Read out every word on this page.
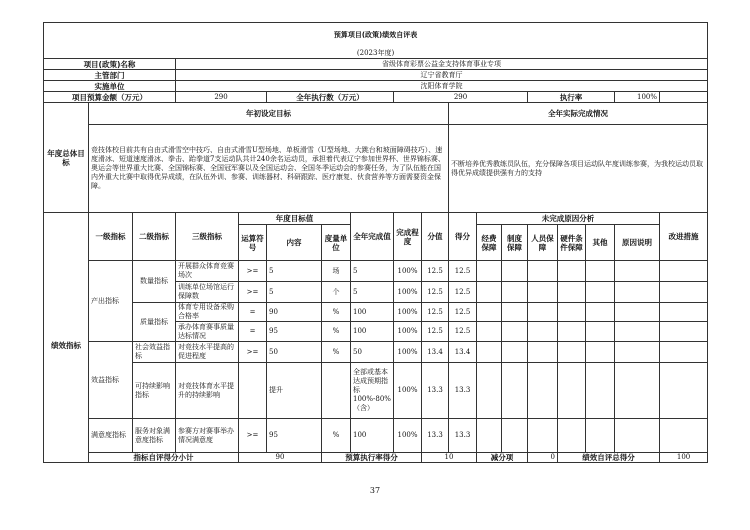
预算项目(政策)绩效自评表																	
(2023年度)																	
项目(政策)名称			省级体育彩票公益金支持体育事业专项														
主管部门			辽宁省教育厅														
实施单位			沈阳体育学院														
项目预算金额（万元）			290		全年执行数（万元）			290					执行率			100%	
年度总体目标	年初设定目标									全年实际完成情况							
	竞技体校目前共有自由式滑雪空中技巧、自由式滑雪U型场地、单板滑雪（U型场地、大跳台和坡面障碍技巧）、速度滑冰、短道速度滑冰、拳击、跆拳道7支运动队共计240余名运动员，承担着代表辽宁参加世界杯、世界锦标赛、奥运会等世界重大比赛、全国锦标赛、全国冠军赛以及全国运动会、全国冬季运动会的参赛任务，为了队伍能在国内外重大比赛中取得优异成绩，在队伍外训、参赛、训练器材、科研跟踪、医疗康复、伙食营养等方面需要资金保障。									不断培养优秀教练员队伍，充分保障各项目运动队年度训练参赛，为我校运动员取得优异成绩提供强有力的支持							
绩效指标	一级指标	二级指标	三级指标	年度目标值			全年完成值	完成程度	分值	得分	未完成原因分析						改进措施
				运算符号	内容	度量单位					经费保障	制度保障	人员保障	硬件条件保障	其他	原因说明	
	产出指标	数量指标	开展群众体育竞赛场次	>=	5	场	5	100%	12.5	12.5							
			训练单位场馆运行保障数	>=	5	个	5	100%	12.5	12.5							
		质量指标	体育专用设备采购合格率	=	90	%	100	100%	12.5	12.5							
			承办体育赛事质量达标情况	=	95	%	100	100%	12.5	12.5							
	效益指标	社会效益指标	对竞技水平提高的促进程度	>=	50	%	50	100%	13.4	13.4							
		可持续影响指标	对竞技体育水平提升的持续影响		提升		全部或基本达成预期指标100%-80%（含）	100%	13.3	13.3							
	满意度指标	服务对象满意度指标	参赛方对赛事举办情况满意度	>=	95	%	100	100%	13.3	13.3							
	指标自评得分小计			90		预算执行率得分			10		减分项		0	绩效自评总得分			100
37
